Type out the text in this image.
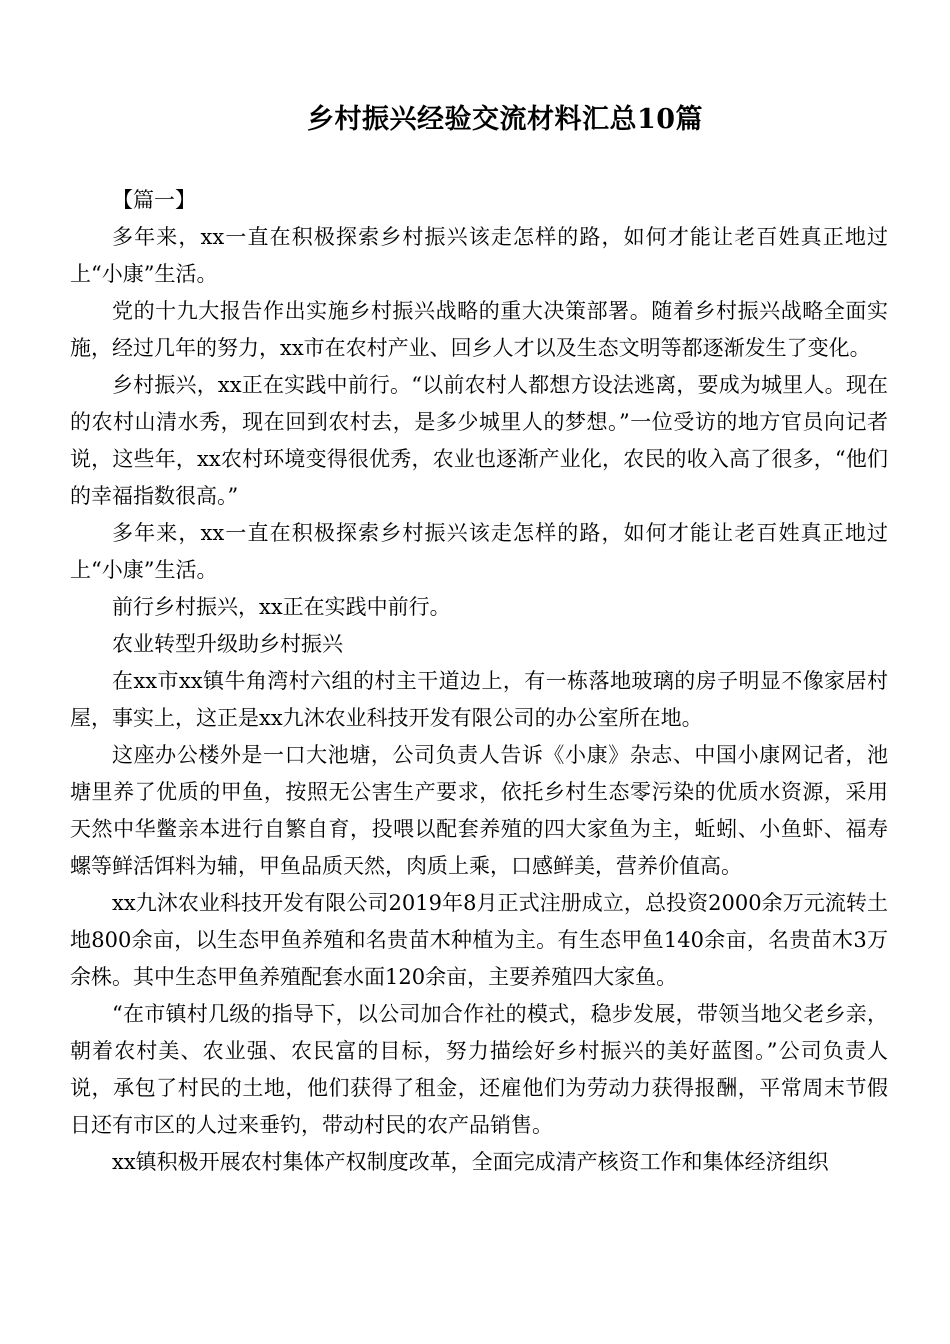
乡村振兴经验交流材料汇总10篇

【篇一】

多年来，xx一直在积极探索乡村振兴该走怎样的路，如何才能让老百姓真正地过上“小康”生活。

党的十九大报告作出实施乡村振兴战略的重大决策部署。随着乡村振兴战略全面实施，经过几年的努力，xx市在农村产业、回乡人才以及生态文明等都逐渐发生了变化。

乡村振兴，xx正在实践中前行。“以前农村人都想方设法逃离，要成为城里人。现在的农村山清水秀，现在回到农村去，是多少城里人的梦想。”一位受访的地方官员向记者说，这些年，xx农村环境变得很优秀，农业也逐渐产业化，农民的收入高了很多，“他们的幸福指数很高。”

多年来，xx一直在积极探索乡村振兴该走怎样的路，如何才能让老百姓真正地过上“小康”生活。

前行乡村振兴，xx正在实践中前行。

农业转型升级助乡村振兴

在xx市xx镇牛角湾村六组的村主干道边上，有一栋落地玻璃的房子明显不像家居村屋，事实上，这正是xx九沐农业科技开发有限公司的办公室所在地。

这座办公楼外是一口大池塘，公司负责人告诉《小康》杂志、中国小康网记者，池塘里养了优质的甲鱼，按照无公害生产要求，依托乡村生态零污染的优质水资源，采用天然中华鳖亲本进行自繁自育，投喂以配套养殖的四大家鱼为主，蚯蚓、小鱼虾、福寿螺等鲜活饵料为辅，甲鱼品质天然，肉质上乘，口感鲜美，营养价值高。

xx九沐农业科技开发有限公司2019年8月正式注册成立，总投资2000余万元流转土地800余亩，以生态甲鱼养殖和名贵苗木种植为主。有生态甲鱼140余亩，名贵苗木3万余株。其中生态甲鱼养殖配套水面120余亩，主要养殖四大家鱼。

“在市镇村几级的指导下，以公司加合作社的模式，稳步发展，带领当地父老乡亲，朝着农村美、农业强、农民富的目标，努力描绘好乡村振兴的美好蓝图。”公司负责人说，承包了村民的土地，他们获得了租金，还雇他们为劳动力获得报酬，平常周末节假日还有市区的人过来垂钓，带动村民的农产品销售。

xx镇积极开展农村集体产权制度改革，全面完成清产核资工作和集体经济组织
